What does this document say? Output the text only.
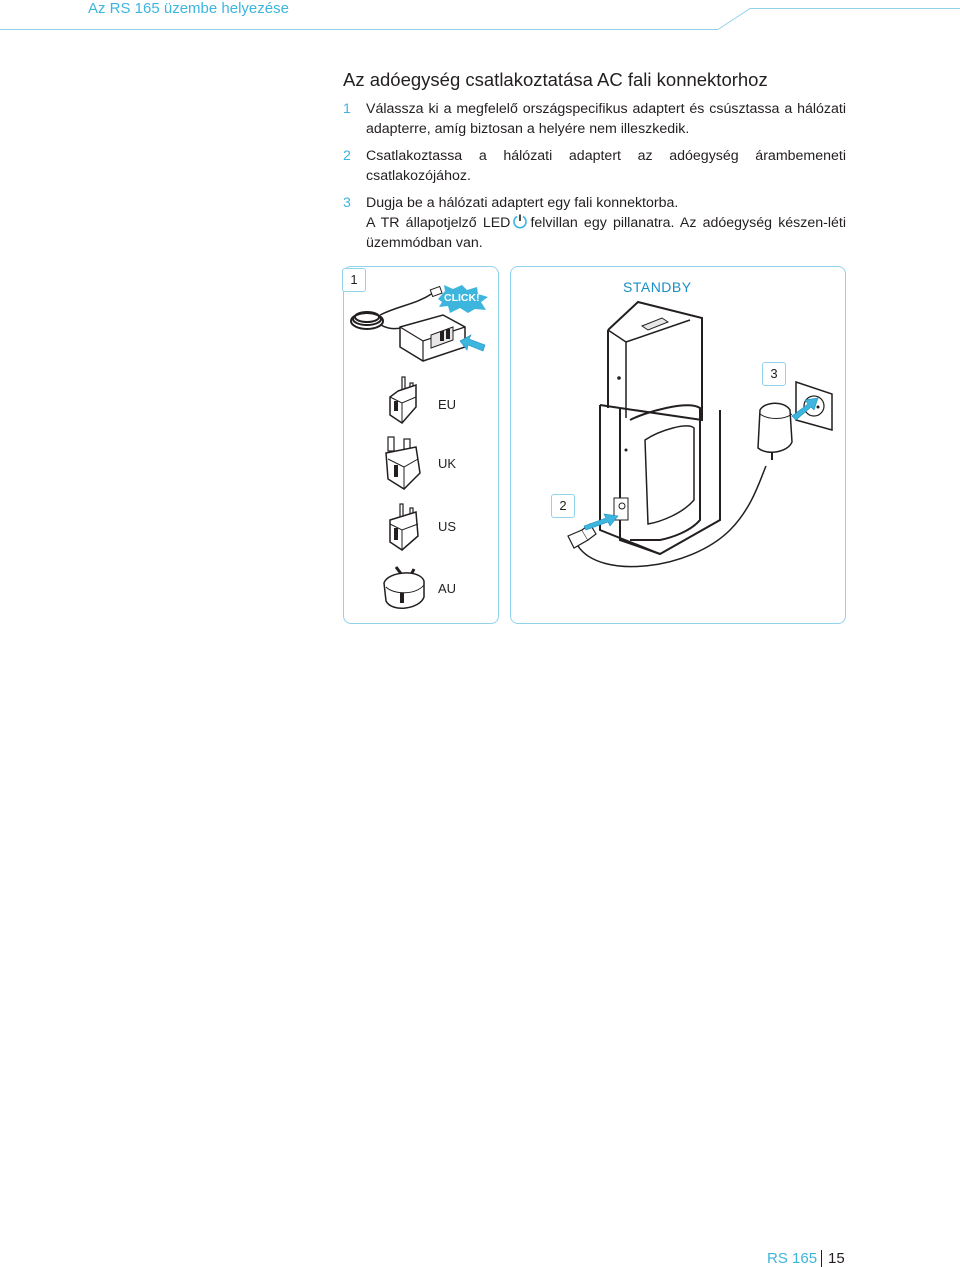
Az RS 165 üzembe helyezése
Az adóegység csatlakoztatása AC fali konnektorhoz
1 Válassza ki a megfelelő országspecifikus adaptert és csúsztassa a hálózati adapterre, amíg biztosan a helyére nem illeszkedik.
2 Csatlakoztassa a hálózati adaptert az adóegység árambemeneti csatlakozójához.
3 Dugja be a hálózati adaptert egy fali konnektorba.
A TR állapotjelző LED felvillan egy pillanatra. Az adóegység készen-léti üzemmódban van.
1
CLICK!
EU
UK
US
AU
STANDBY
2
3
RS 165 15
